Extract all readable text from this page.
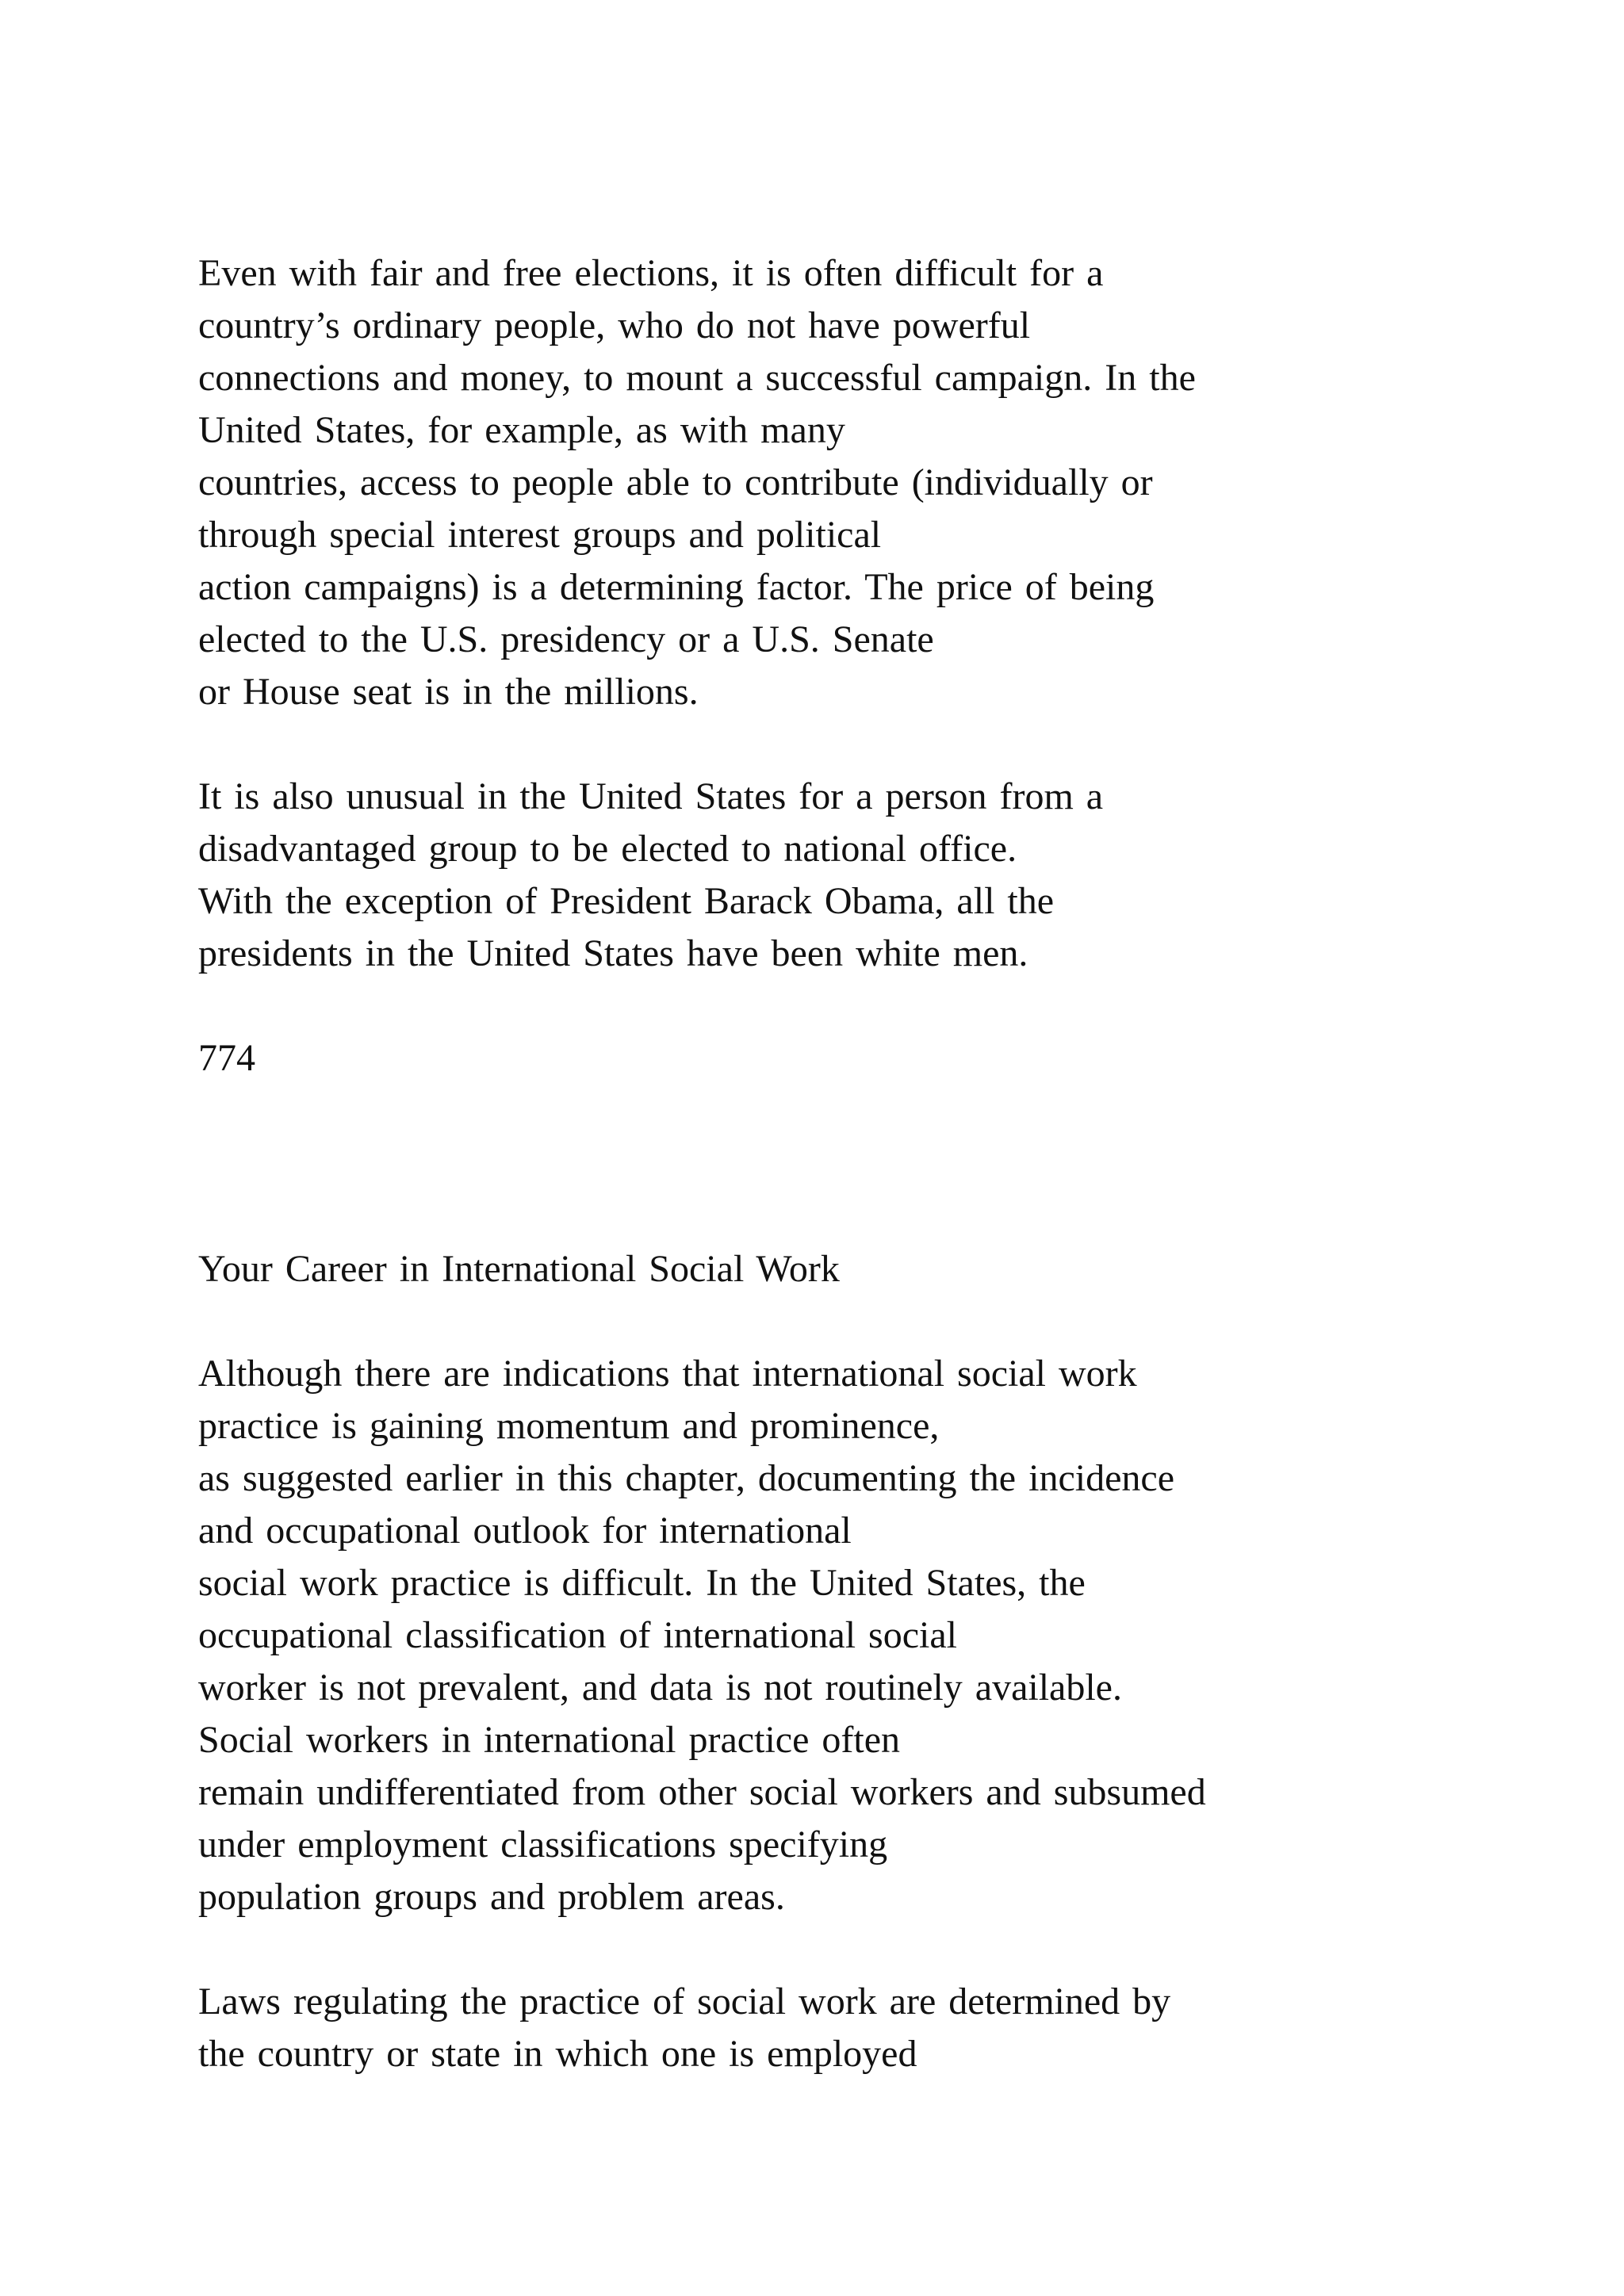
Even with fair and free elections, it is often difficult for a
country’s ordinary people, who do not have powerful
connections and money, to mount a successful campaign. In the
United States, for example, as with many
countries, access to people able to contribute (individually or
through special interest groups and political
action campaigns) is a determining factor. The price of being
elected to the U.S. presidency or a U.S. Senate
or House seat is in the millions.
It is also unusual in the United States for a person from a
disadvantaged group to be elected to national office.
With the exception of President Barack Obama, all the
presidents in the United States have been white men.
774
Your Career in International Social Work
Although there are indications that international social work
practice is gaining momentum and prominence,
as suggested earlier in this chapter, documenting the incidence
and occupational outlook for international
social work practice is difficult. In the United States, the
occupational classification of international social
worker is not prevalent, and data is not routinely available.
Social workers in international practice often
remain undifferentiated from other social workers and subsumed
under employment classifications specifying
population groups and problem areas.
Laws regulating the practice of social work are determined by
the country or state in which one is employed
